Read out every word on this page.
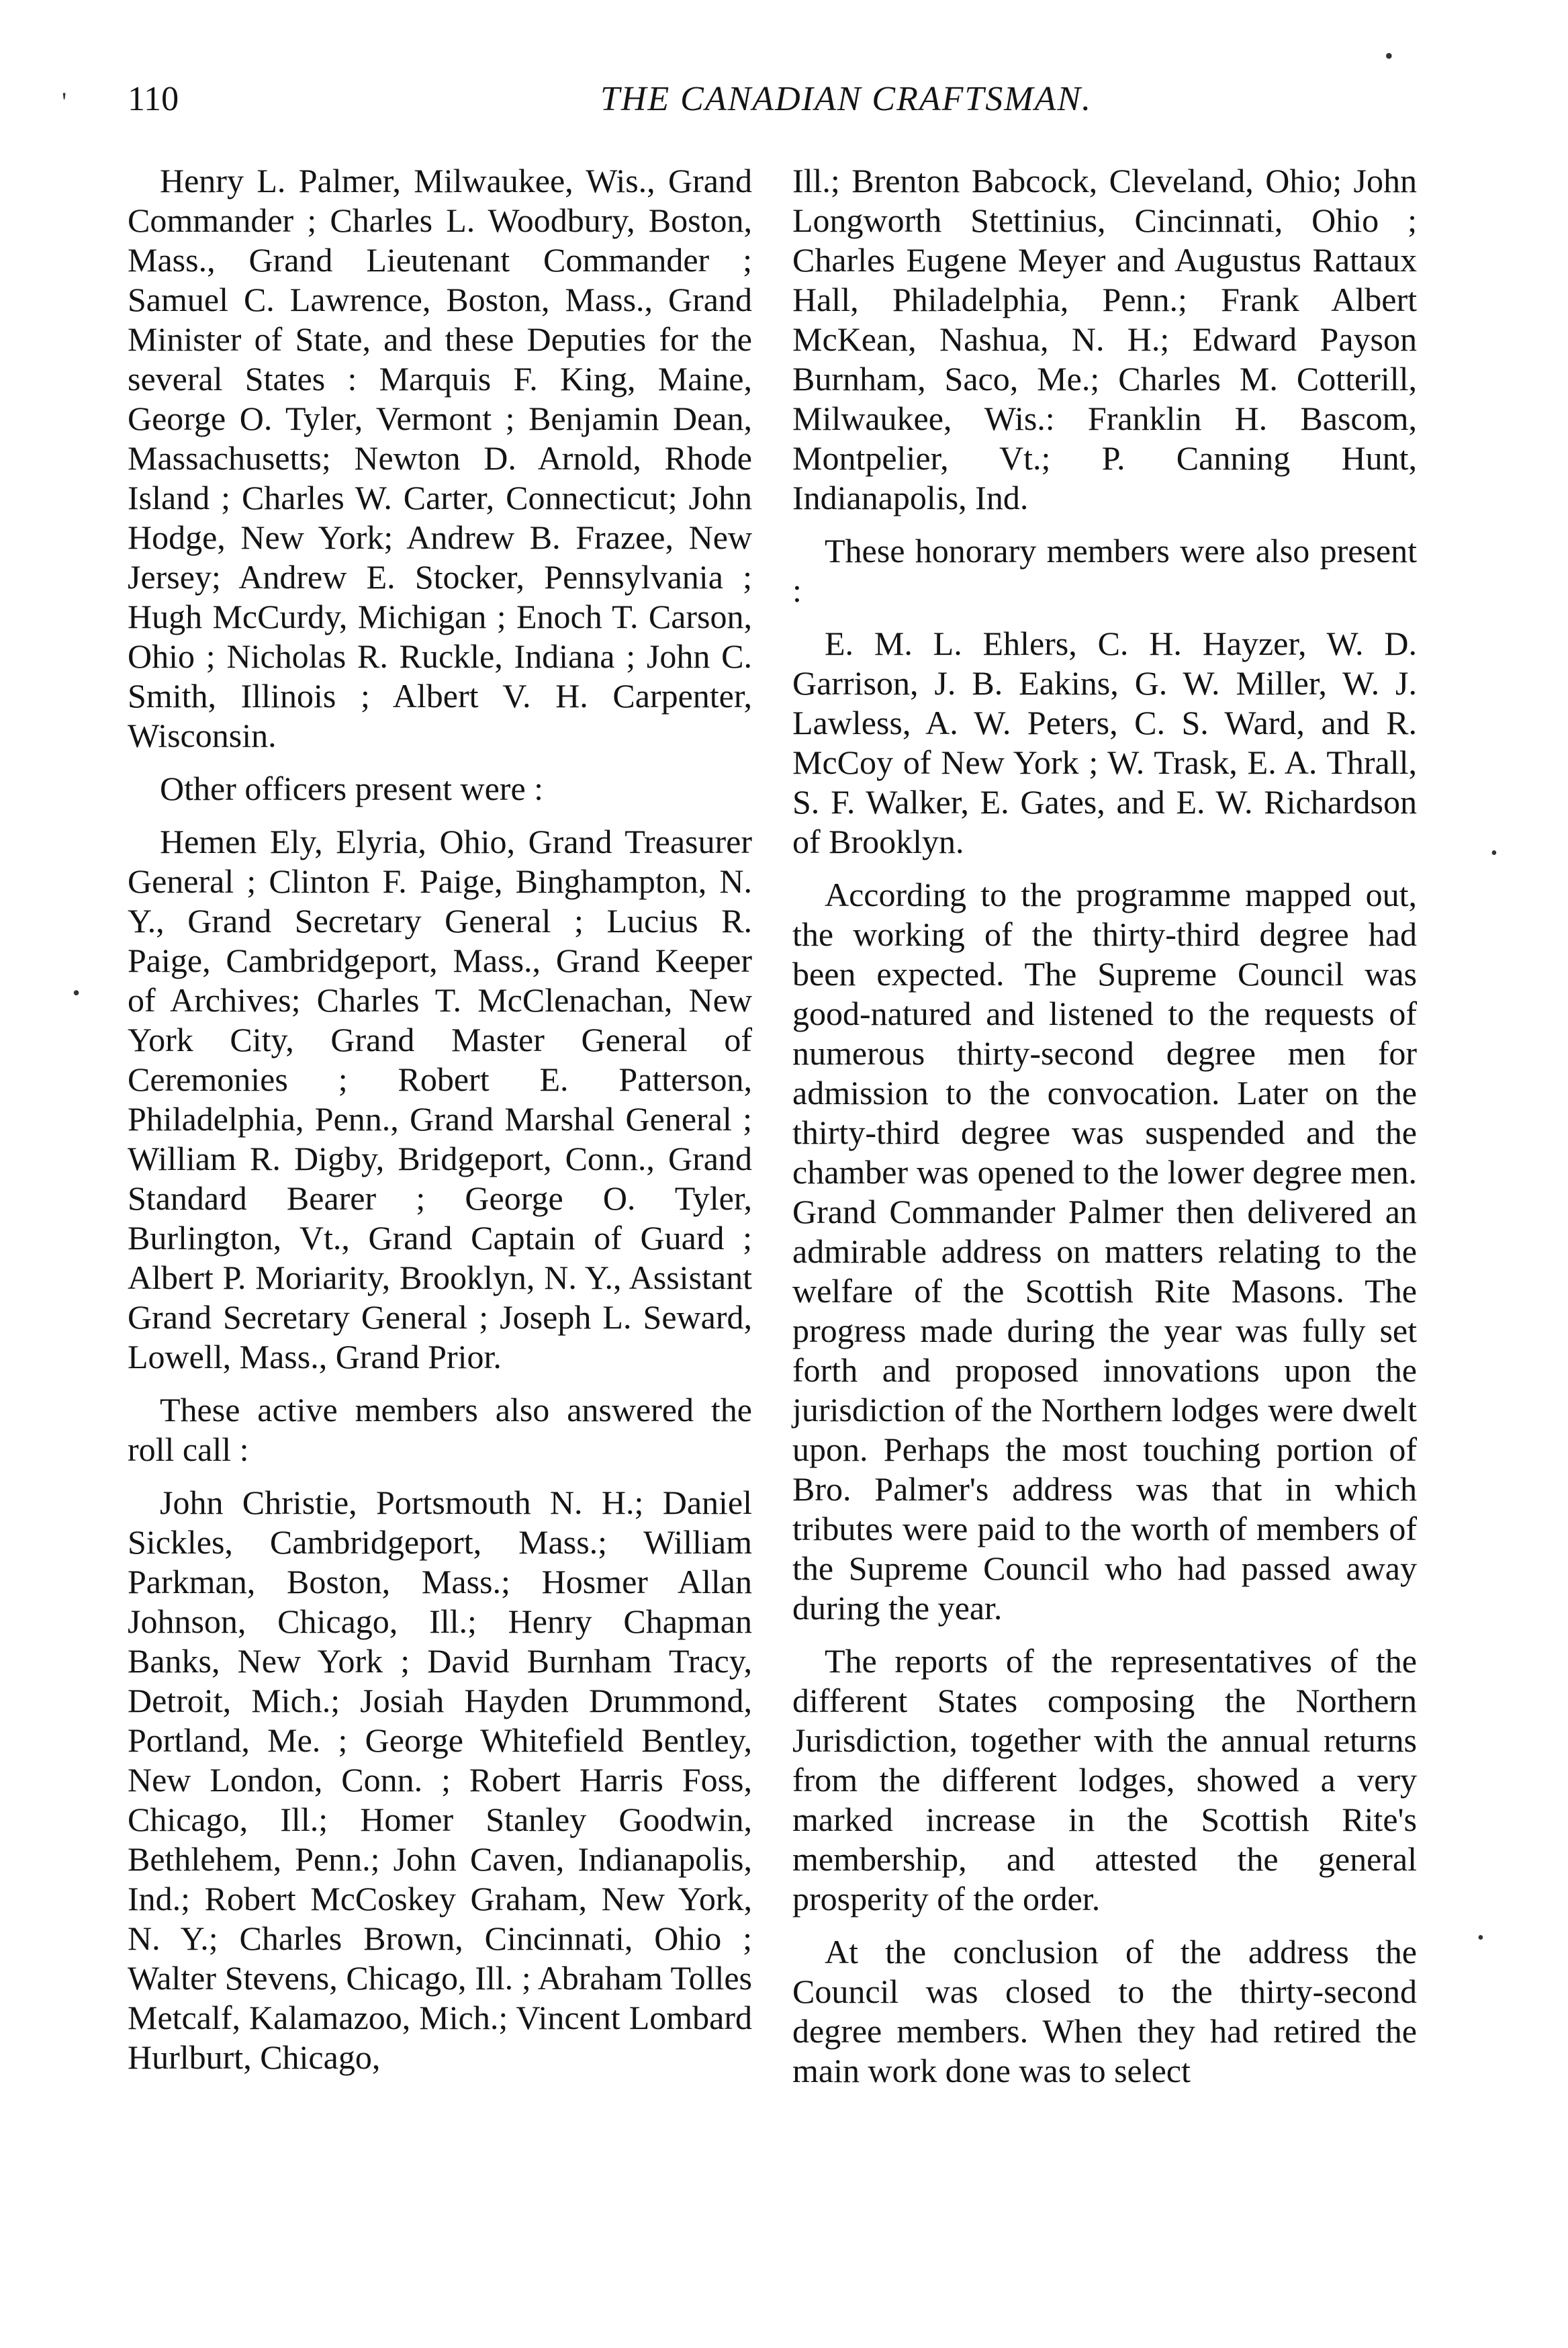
110	THE CANADIAN CRAFTSMAN.

Henry L. Palmer, Milwaukee, Wis., Grand Commander ; Charles L. Woodbury, Boston, Mass., Grand Lieutenant Commander ; Samuel C. Lawrence, Boston, Mass., Grand Minister of State, and these Deputies for the several States : Marquis F. King, Maine, George O. Tyler, Vermont ; Benjamin Dean, Massachusetts; Newton D. Arnold, Rhode Island ; Charles W. Carter, Connecticut; John Hodge, New York; Andrew B. Frazee, New Jersey; Andrew E. Stocker, Pennsylvania ; Hugh McCurdy, Michigan ; Enoch T. Carson, Ohio ; Nicholas R. Ruckle, Indiana ; John C. Smith, Illinois ; Albert V. H. Carpenter, Wisconsin.

Other officers present were :

Hemen Ely, Elyria, Ohio, Grand Treasurer General ; Clinton F. Paige, Binghampton, N. Y., Grand Secretary General ; Lucius R. Paige, Cambridgeport, Mass., Grand Keeper of Archives; Charles T. McClenachan, New York City, Grand Master General of Ceremonies ; Robert E. Patterson, Philadelphia, Penn., Grand Marshal General ; William R. Digby, Bridgeport, Conn., Grand Standard Bearer ; George O. Tyler, Burlington, Vt., Grand Captain of Guard ; Albert P. Moriarity, Brooklyn, N. Y., Assistant Grand Secretary General ; Joseph L. Seward, Lowell, Mass., Grand Prior.

These active members also answered the roll call :

John Christie, Portsmouth N. H.; Daniel Sickles, Cambridgeport, Mass.; William Parkman, Boston, Mass.; Hosmer Allan Johnson, Chicago, Ill.; Henry Chapman Banks, New York ; David Burnham Tracy, Detroit, Mich.; Josiah Hayden Drummond, Portland, Me. ; George Whitefield Bentley, New London, Conn. ; Robert Harris Foss, Chicago, Ill.; Homer Stanley Goodwin, Bethlehem, Penn.; John Caven, Indianapolis, Ind.; Robert McCoskey Graham, New York, N. Y.; Charles Brown, Cincinnati, Ohio ; Walter Stevens, Chicago, Ill. ; Abraham Tolles Metcalf, Kalamazoo, Mich.; Vincent Lombard Hurlburt, Chicago,

Ill.; Brenton Babcock, Cleveland, Ohio; John Longworth Stettinius, Cincinnati, Ohio ; Charles Eugene Meyer and Augustus Rattaux Hall, Philadelphia, Penn.; Frank Albert McKean, Nashua, N. H.; Edward Payson Burnham, Saco, Me.; Charles M. Cotterill, Milwaukee, Wis.: Franklin H. Bascom, Montpelier, Vt.; P. Canning Hunt, Indianapolis, Ind.

These honorary members were also present :

E. M. L. Ehlers, C. H. Hayzer, W. D. Garrison, J. B. Eakins, G. W. Miller, W. J. Lawless, A. W. Peters, C. S. Ward, and R. McCoy of New York ; W. Trask, E. A. Thrall, S. F. Walker, E. Gates, and E. W. Richardson of Brooklyn.

According to the programme mapped out, the working of the thirty-third degree had been expected. The Supreme Council was good-natured and listened to the requests of numerous thirty-second degree men for admission to the convocation. Later on the thirty-third degree was suspended and the chamber was opened to the lower degree men. Grand Commander Palmer then delivered an admirable address on matters relating to the welfare of the Scottish Rite Masons. The progress made during the year was fully set forth and proposed innovations upon the jurisdiction of the Northern lodges were dwelt upon. Perhaps the most touching portion of Bro. Palmer's address was that in which tributes were paid to the worth of members of the Supreme Council who had passed away during the year.

The reports of the representatives of the different States composing the Northern Jurisdiction, together with the annual returns from the different lodges, showed a very marked increase in the Scottish Rite's membership, and attested the general prosperity of the order.

At the conclusion of the address the Council was closed to the thirty-second degree members. When they had retired the main work done was to select

•
'
•
•
•
